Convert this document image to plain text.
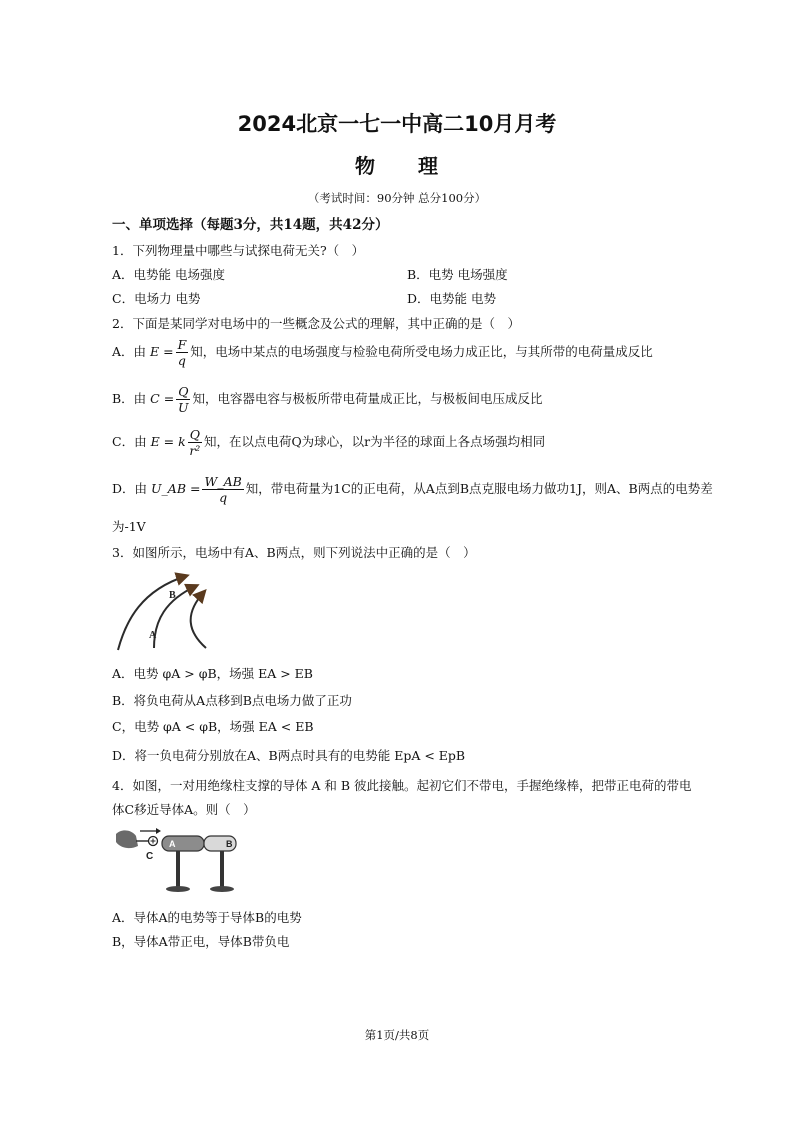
2024北京一七一中高二10月月考
物　　理
（考试时间：90分钟 总分100分）
一、单项选择（每题3分，共14题，共42分）
1．下列物理量中哪些与试探电荷无关?（　）
A．电势能 电场强度	B．电势 电场强度
C．电场力 电势	D．电势能 电势
2．下面是某同学对电场中的一些概念及公式的理解，其中正确的是（　）
A．由 $E = \frac{F}{q}$ 知，电场中某点的电场强度与检验电荷所受电场力成正比，与其所带的电荷量成反比
B．由 $C = \frac{Q}{U}$ 知，电容器电容与极板所带电荷量成正比，与极板间电压成反比
C．由 E = k $\frac{Q}{\text{r²}}$ 知，在以点电荷Q为球心，以r为半径的球面上各点场强均相同
D．由 U_AB = $\frac{W\_AB}{q}$ 知，带电荷量为1C的正电荷，从A点到B点克服电场力做功1J，则A、B两点的电势差
为-1V
3．如图所示，电场中有A、B两点，则下列说法中正确的是（　）
A
B
A．电势 φA > φB，场强 EA > EB
B．将负电荷从A点移到B点电场力做了正功
C，电势 φA < φB，场强 EA < EB
D．将一负电荷分别放在A、B两点时具有的电势能 EpA < EpB
4．如图，一对用绝缘柱支撑的导体 A 和 B 彼此接触。起初它们不带电，手握绝缘棒，把带正电荷的带电
体C移近导体A。则（　）
C
A	B
A．导体A的电势等于导体B的电势
B，导体A带正电，导体B带负电
第1页/共8页
